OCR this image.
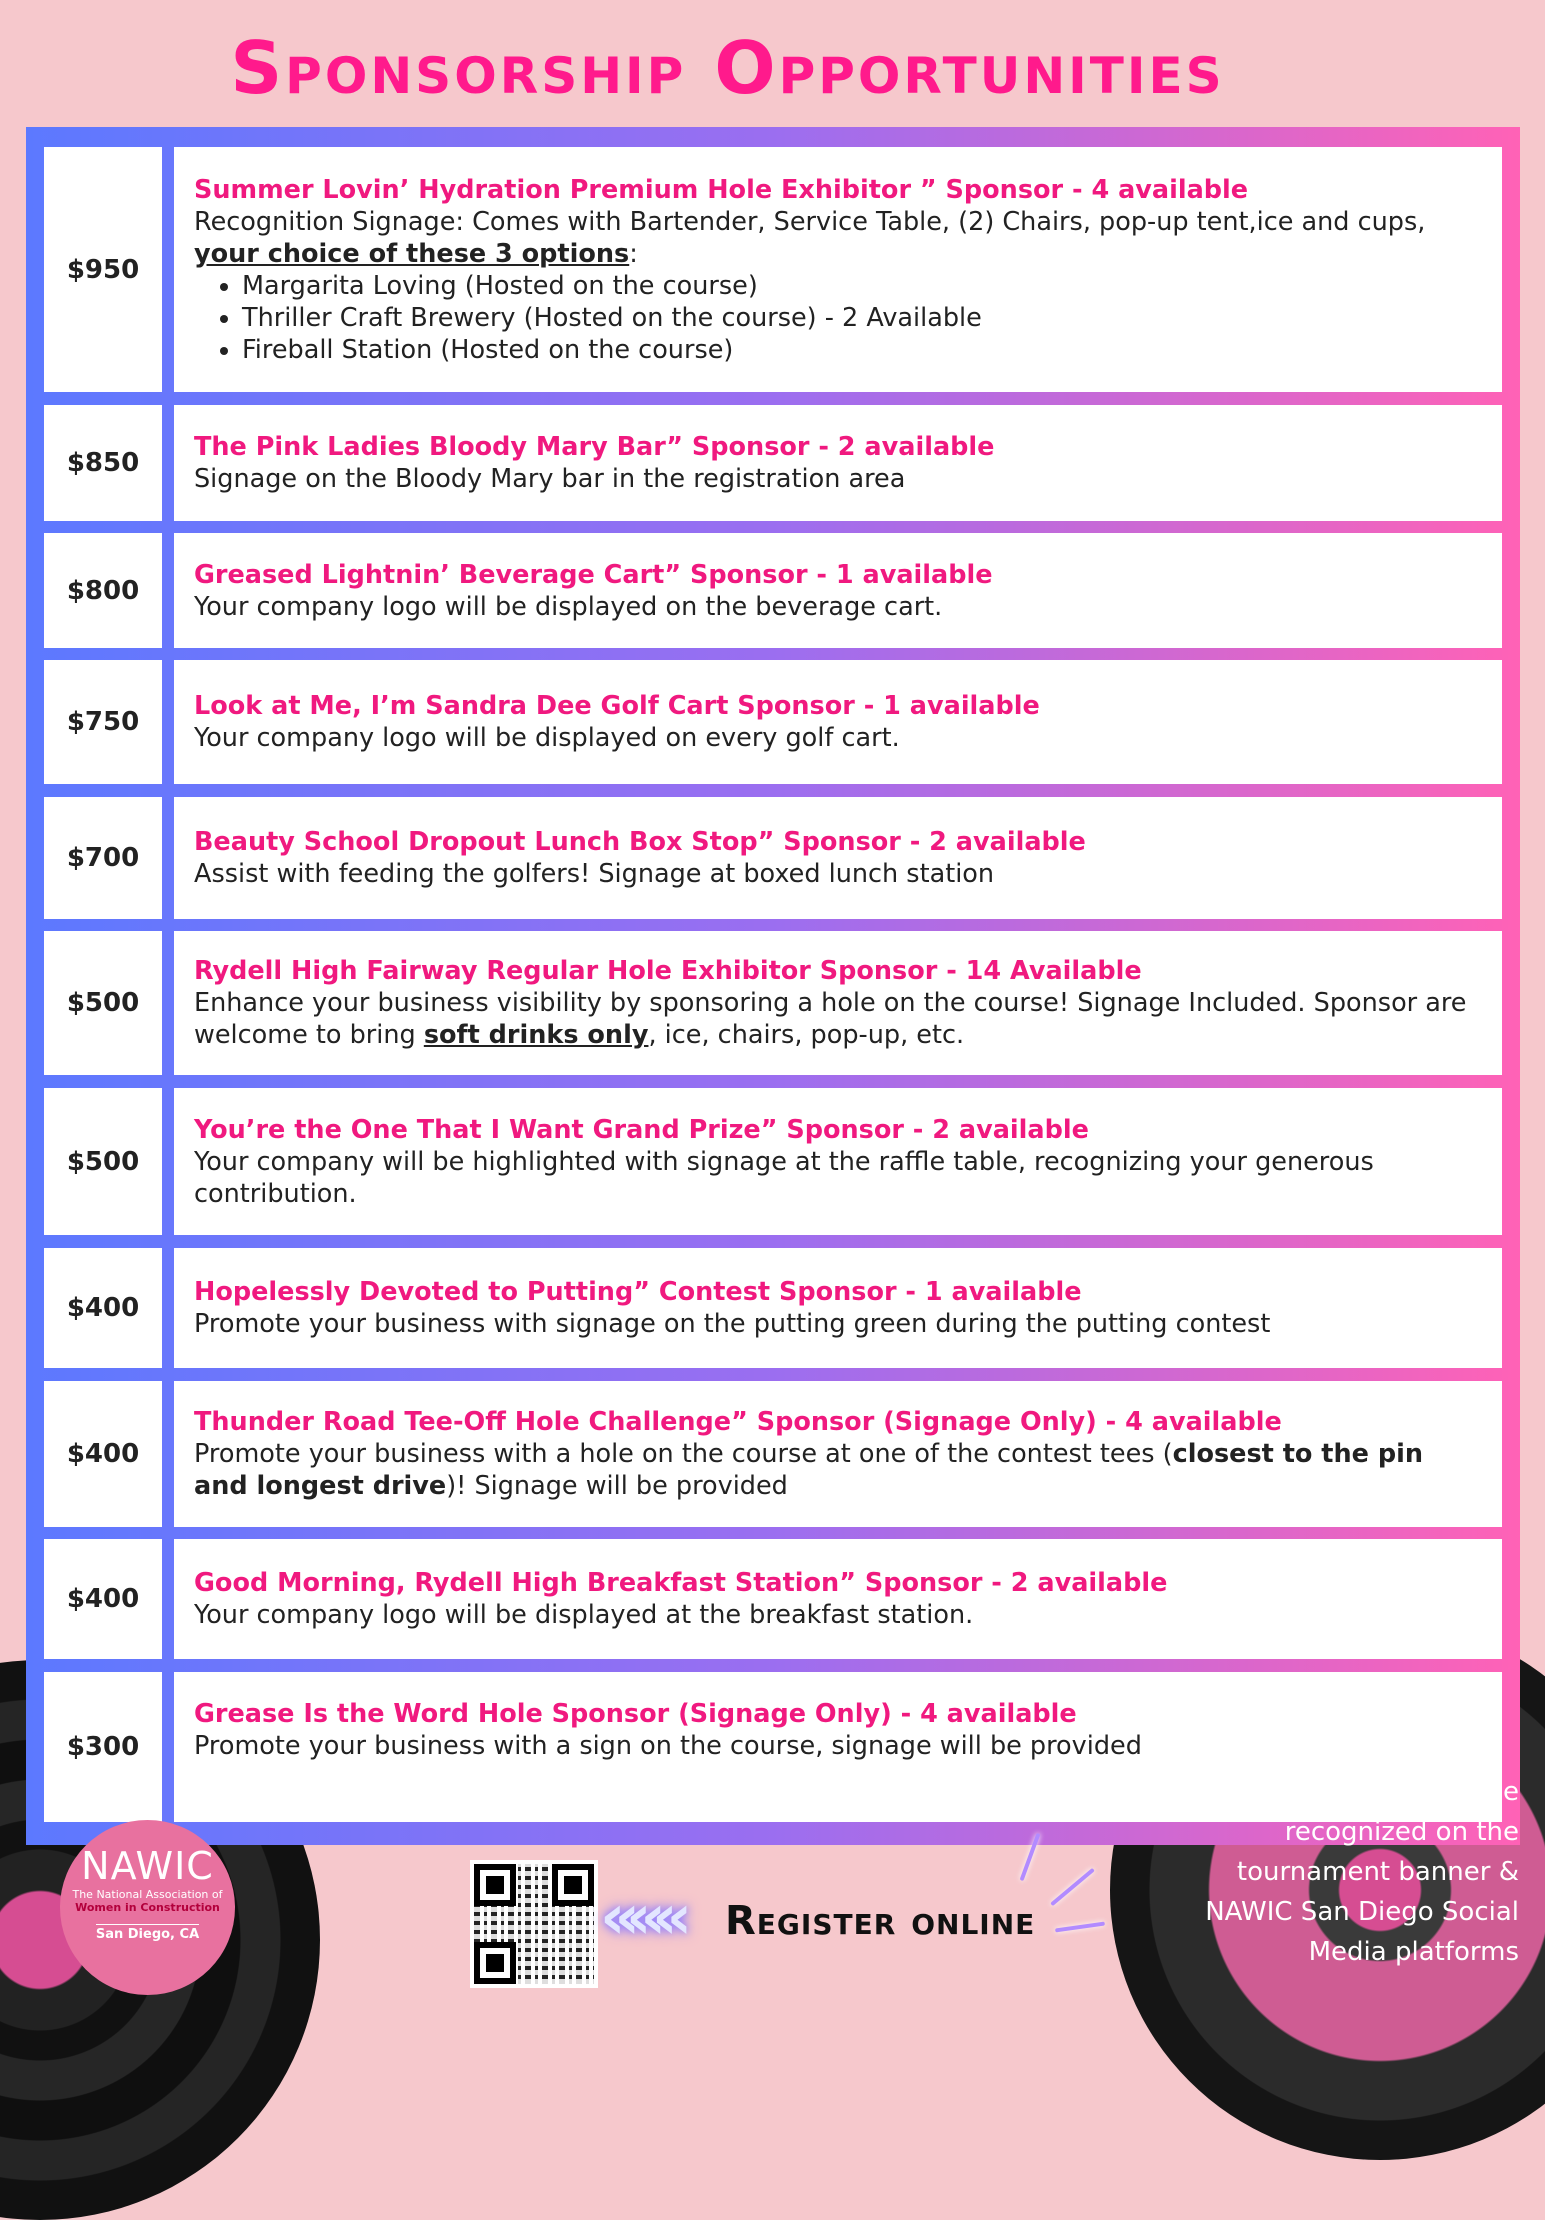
Sponsorship Opportunities
$950
Summer Lovin’ Hydration Premium Hole Exhibitor ” Sponsor - 4 available
Recognition Signage: Comes with Bartender, Service Table, (2) Chairs, pop-up tent,ice and cups, your choice of these 3 options:
• Margarita Loving (Hosted on the course)
• Thriller Craft Brewery (Hosted on the course) - 2 Available
• Fireball Station (Hosted on the course)
$850
The Pink Ladies Bloody Mary Bar” Sponsor - 2 available
Signage on the Bloody Mary bar in the registration area
$800
Greased Lightnin’ Beverage Cart” Sponsor - 1 available
Your company logo will be displayed on the beverage cart.
$750
Look at Me, I’m Sandra Dee Golf Cart Sponsor - 1 available
Your company logo will be displayed on every golf cart.
$700
Beauty School Dropout Lunch Box Stop” Sponsor - 2 available
Assist with feeding the golfers! Signage at boxed lunch station
$500
Rydell High Fairway Regular Hole Exhibitor Sponsor - 14 Available
Enhance your business visibility by sponsoring a hole on the course! Signage Included. Sponsor are welcome to bring soft drinks only, ice, chairs, pop-up, etc.
$500
You’re the One That I Want Grand Prize” Sponsor - 2 available
Your company will be highlighted with signage at the raffle table, recognizing your generous contribution.
$400
Hopelessly Devoted to Putting” Contest Sponsor - 1 available
Promote your business with signage on the putting green during the putting contest
$400
Thunder Road Tee-Off Hole Challenge” Sponsor (Signage Only) - 4 available
Promote your business with a hole on the course at one of the contest tees (closest to the pin and longest drive)! Signage will be provided
$400
Good Morning, Rydell High Breakfast Station” Sponsor - 2 available
Your company logo will be displayed at the breakfast station.
$300
Grease Is the Word Hole Sponsor (Signage Only) - 4 available
Promote your business with a sign on the course, signage will be provided
NAWIC
The National Association of
Women in Construction
San Diego, CA	««« Register online
All Sponsors will be recognized on the tournament banner & NAWIC San Diego Social Media platforms
